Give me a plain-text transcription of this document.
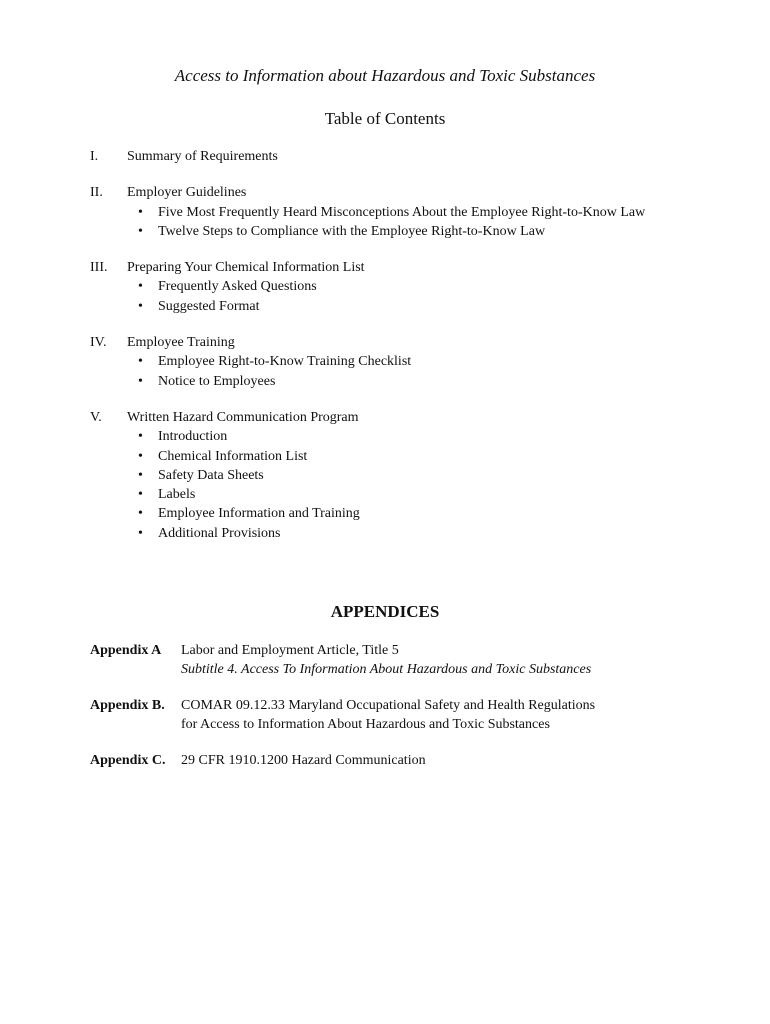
Access to Information about Hazardous and Toxic Substances
Table of Contents
I. Summary of Requirements
II. Employer Guidelines
• Five Most Frequently Heard Misconceptions About the Employee Right-to-Know Law
• Twelve Steps to Compliance with the Employee Right-to-Know Law
III. Preparing Your Chemical Information List
• Frequently Asked Questions
• Suggested Format
IV. Employee Training
• Employee Right-to-Know Training Checklist
• Notice to Employees
V. Written Hazard Communication Program
• Introduction
• Chemical Information List
• Safety Data Sheets
• Labels
• Employee Information and Training
• Additional Provisions
APPENDICES
Appendix A Labor and Employment Article, Title 5
Subtitle 4. Access To Information About Hazardous and Toxic Substances
Appendix B. COMAR 09.12.33 Maryland Occupational Safety and Health Regulations
for Access to Information About Hazardous and Toxic Substances
Appendix C. 29 CFR 1910.1200 Hazard Communication
